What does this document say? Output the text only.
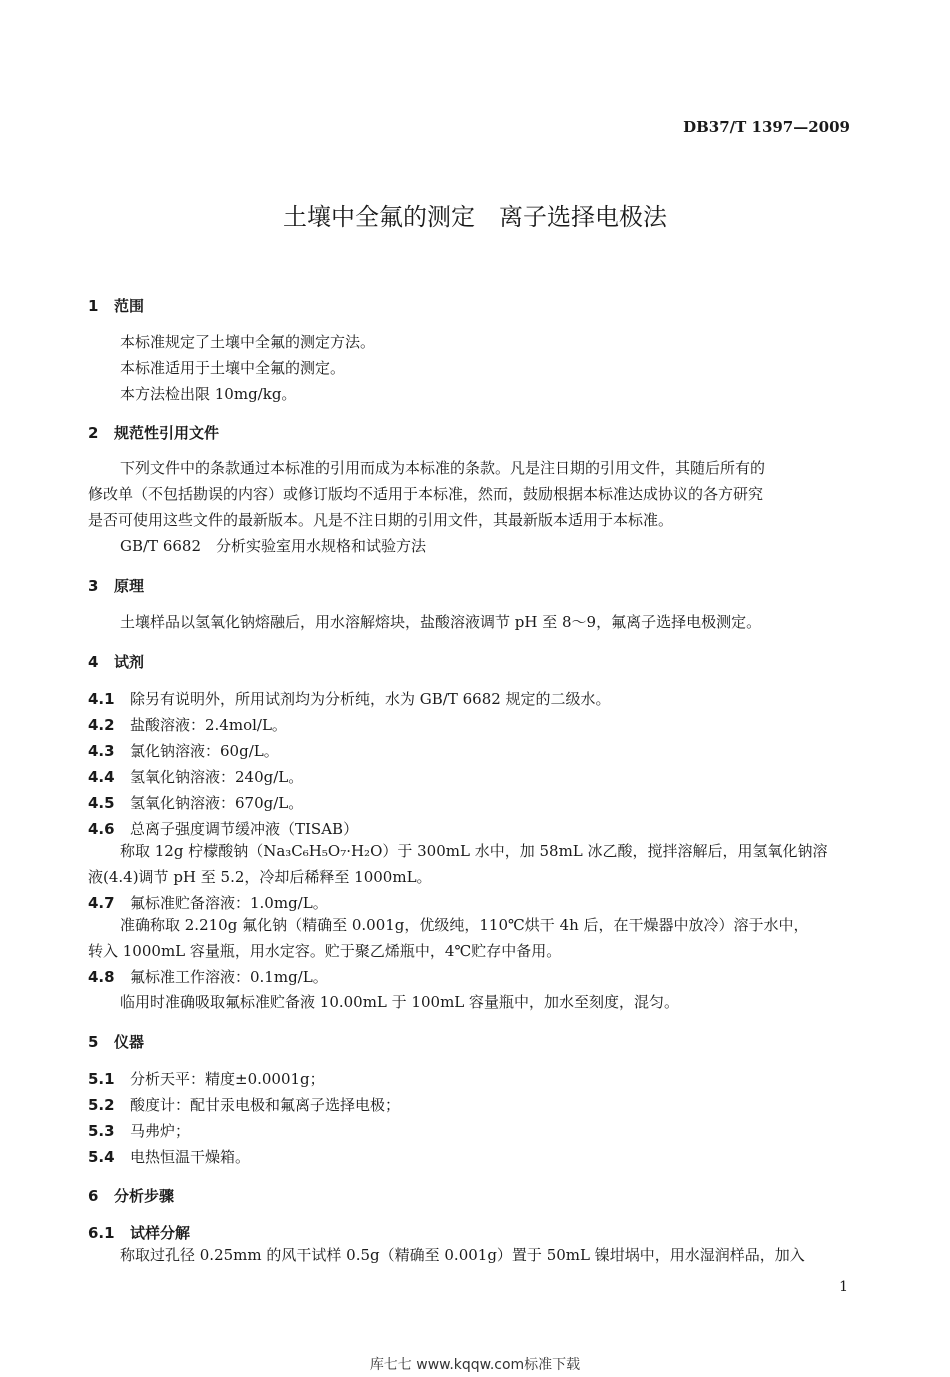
DB37/T 1397—2009
土壤中全氟的测定　离子选择电极法
1 范围
本标准规定了土壤中全氟的测定方法。
本标准适用于土壤中全氟的测定。
本方法检出限 10mg/kg。
2 规范性引用文件
下列文件中的条款通过本标准的引用而成为本标准的条款。凡是注日期的引用文件，其随后所有的
修改单（不包括勘误的内容）或修订版均不适用于本标准，然而，鼓励根据本标准达成协议的各方研究
是否可使用这些文件的最新版本。凡是不注日期的引用文件，其最新版本适用于本标准。
GB/T 6682　分析实验室用水规格和试验方法
3 原理
土壤样品以氢氧化钠熔融后，用水溶解熔块，盐酸溶液调节 pH 至 8～9，氟离子选择电极测定。
4 试剂
4.1 除另有说明外，所用试剂均为分析纯，水为 GB/T 6682 规定的二级水。
4.2 盐酸溶液：2.4mol/L。
4.3 氯化钠溶液：60g/L。
4.4 氢氧化钠溶液：240g/L。
4.5 氢氧化钠溶液：670g/L。
4.6 总离子强度调节缓冲液（TISAB）
称取 12g 柠檬酸钠（Na₃C₆H₅O₇·H₂O）于 300mL 水中，加 58mL 冰乙酸，搅拌溶解后，用氢氧化钠溶
液(4.4)调节 pH 至 5.2，冷却后稀释至 1000mL。
4.7 氟标准贮备溶液：1.0mg/L。
准确称取 2.210g 氟化钠（精确至 0.001g，优级纯，110℃烘干 4h 后，在干燥器中放冷）溶于水中，
转入 1000mL 容量瓶，用水定容。贮于聚乙烯瓶中，4℃贮存中备用。
4.8 氟标准工作溶液：0.1mg/L。
临用时准确吸取氟标准贮备液 10.00mL 于 100mL 容量瓶中，加水至刻度，混匀。
5 仪器
5.1 分析天平：精度±0.0001g；
5.2 酸度计：配甘汞电极和氟离子选择电极；
5.3 马弗炉；
5.4 电热恒温干燥箱。
6 分析步骤
6.1 试样分解
称取过孔径 0.25mm 的风干试样 0.5g（精确至 0.001g）置于 50mL 镍坩埚中，用水湿润样品，加入
1
库七七 www.kqqw.com标准下载
